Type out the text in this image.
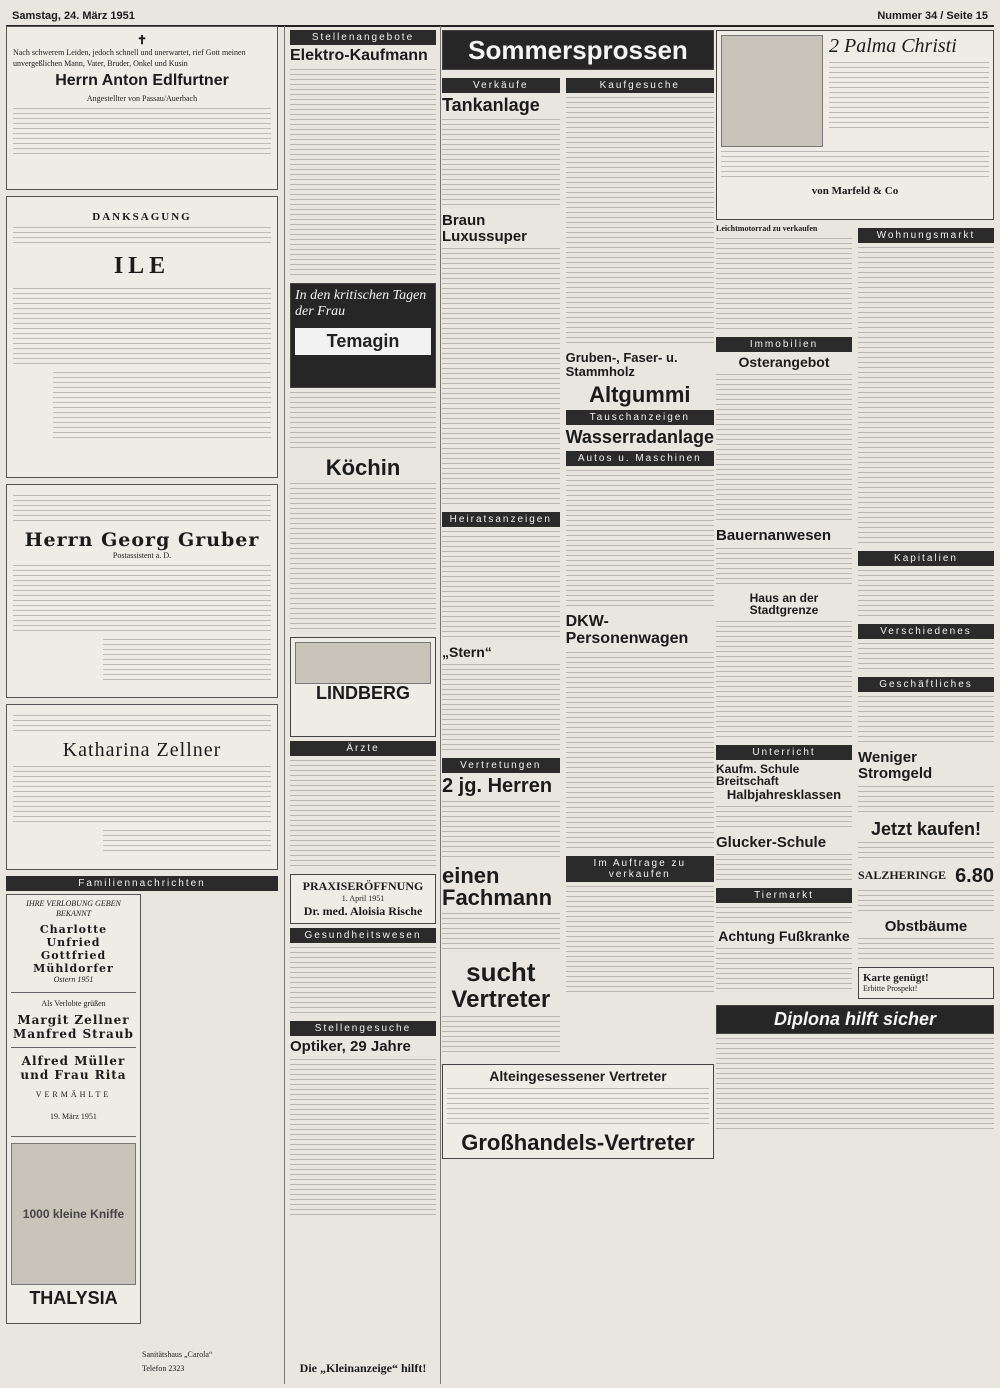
Samstag, 24. März 1951	Nummer 34 / Seite 15
✝
Nach schwerem Leiden, jedoch schnell und unerwartet, rief Gott meinen unvergeßlichen Mann, Vater, Bruder, Onkel und Kusin
Herrn Anton Edlfurtner
Angestellter von Passau/Auerbach
DANKSAGUNG
ILE
Herrn Georg Gruber
Postassistent a. D.
Katharina Zellner
Familiennachrichten
IHRE VERLOBUNG GEBEN BEKANNT
Charlotte Unfried
Gottfried Mühldorfer
Ostern 1951
Als Verlobte grüßen
Margit Zellner
Manfred Straub
Alfred Müller
und Frau Rita
VERMÄHLTE
19. März 1951
1000 kleine Kniffe
THALYSIA
Sanitätshaus „Carola“
Telefon 2323
Stellenangebote
Elektro-Kaufmann
In den kritischen Tagen der Frau
Temagin
Köchin
LINDBERG
Ärzte
PRAXISERÖFFNUNG
1. April 1951
Dr. med. Aloisia Rische
Gesundheitswesen
Stellengesuche
Optiker, 29 Jahre
Die „Kleinanzeige“ hilft!
Sommersprossen
Verkäufe
Tankanlage
Braun Luxussuper
Heiratsanzeigen
„Stern“
Vertretungen
2 jg. Herren
einen Fachmann
sucht
Vertreter
Kaufgesuche
Gruben-, Faser- u. Stammholz
Altgummi
Tauschanzeigen
Wasserradanlage
Autos u. Maschinen
DKW-Personenwagen
Im Auftrage zu verkaufen
Alteingesessener Vertreter
Großhandels-Vertreter
2 Palma Christi
von Marfeld & Co
Leichtmotorrad zu verkaufen
Immobilien
Osterangebot
Bauernanwesen
Haus an der Stadtgrenze
Unterricht
Kaufm. Schule Breitschaft
Halbjahresklassen
Glucker-Schule
Tiermarkt
Achtung Fußkranke
Wohnungsmarkt
Kapitalien
Verschiedenes
Geschäftliches
Weniger Stromgeld
Jetzt kaufen!
SALZHERINGE 6.80
Obstbäume
Karte genügt!
Erbitte Prospekt!
Diplona hilft sicher
